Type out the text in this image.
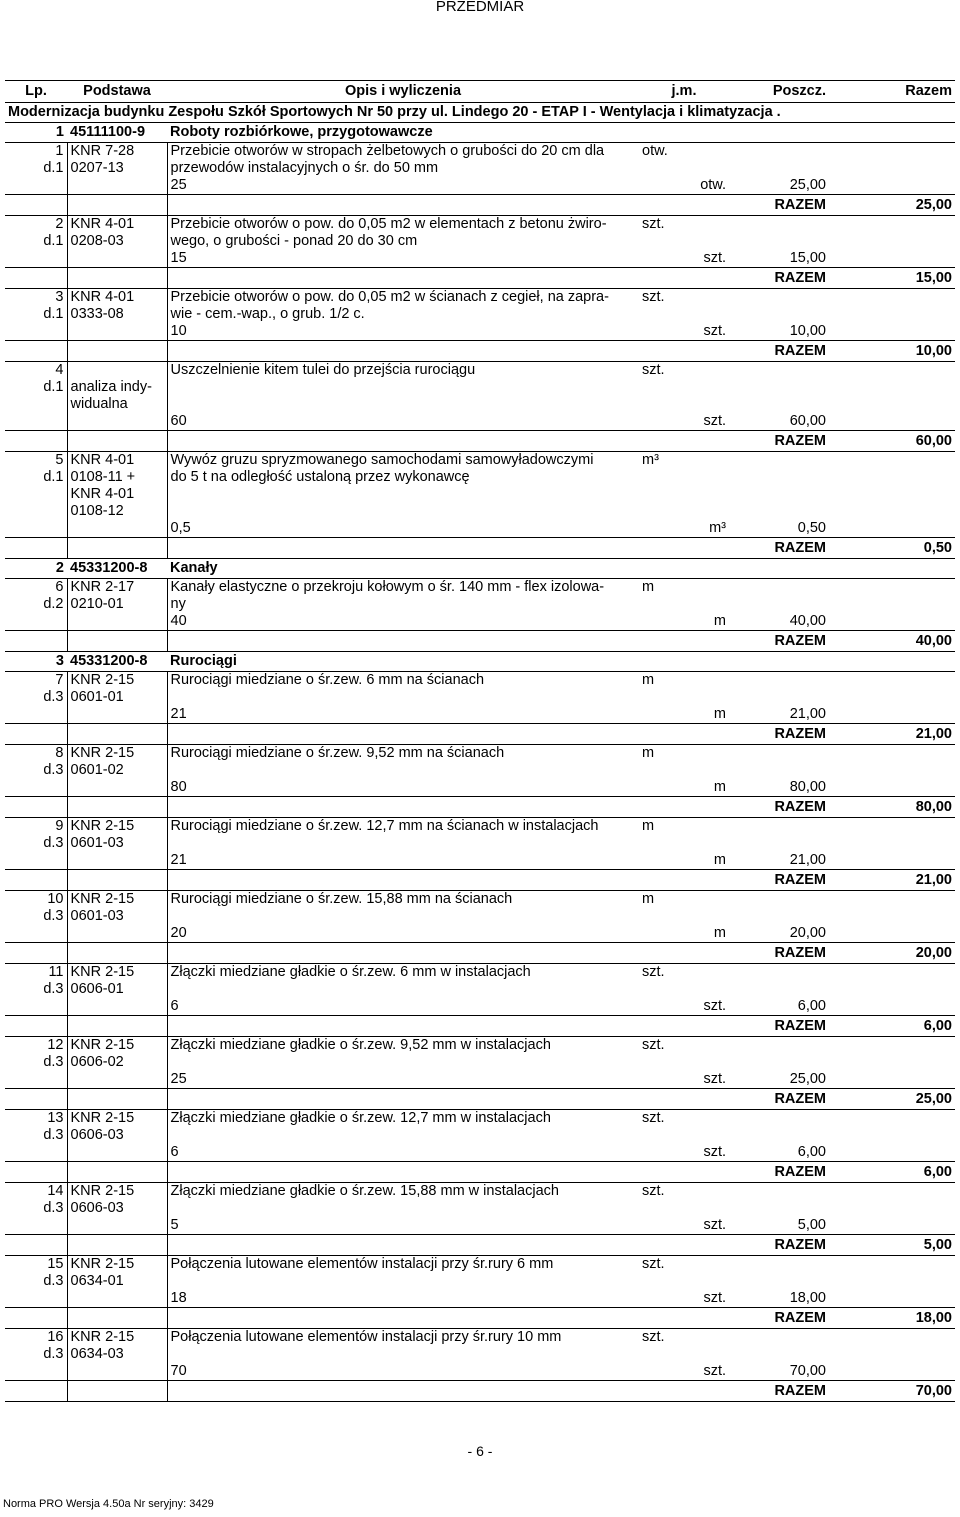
PRZEDMIAR
Lp.	Podstawa	Opis i wyliczenia	j.m.	Poszcz.	Razem
Modernizacja budynku Zespołu Szkół Sportowych Nr 50 przy ul. Lindego 20 - ETAP I - Wentylacja i klimatyzacja .					
1	45111100-9	Roboty rozbiórkowe, przygotowawcze			
1	KNR 7-28	Przebicie otworów w stropach żelbetowych o grubości do 20 cm dla	otw.		
d.1	0207-13	przewodów instalacyjnych o śr. do 50 mm			
		25	otw.	25,00	
				RAZEM	25,00
2	KNR 4-01	Przebicie otworów o pow. do 0,05 m2 w elementach z betonu żwiro-	szt.		
d.1	0208-03	wego, o grubości - ponad 20 do 30 cm			
		15	szt.	15,00	
				RAZEM	15,00
3	KNR 4-01	Przebicie otworów o pow. do 0,05 m2 w ścianach z cegieł, na zapra-	szt.		
d.1	0333-08	wie - cem.-wap., o grub. 1/2 c.			
		10	szt.	10,00	
				RAZEM	10,00
4		Uszczelnienie kitem tulei do przejścia rurociągu	szt.		
d.1	analiza indy-				
	widualna				
		60	szt.	60,00	
				RAZEM	60,00
5	KNR 4-01	Wywóz gruzu spryzmowanego samochodami samowyładowczymi	m³		
d.1	0108-11 +	do 5 t na odległość ustaloną przez wykonawcę			
	KNR 4-01				
	0108-12				
		0,5	m³	0,50	
				RAZEM	0,50
2	45331200-8	Kanały			
6	KNR 2-17	Kanały elastyczne o przekroju kołowym o śr. 140 mm - flex izolowa-	m		
d.2	0210-01	ny			
		40	m	40,00	
				RAZEM	40,00
3	45331200-8	Rurociągi			
7	KNR 2-15	Rurociągi miedziane o śr.zew. 6 mm na ścianach	m		
d.3	0601-01				
		21	m	21,00	
				RAZEM	21,00
8	KNR 2-15	Rurociągi miedziane o śr.zew. 9,52 mm na ścianach	m		
d.3	0601-02				
		80	m	80,00	
				RAZEM	80,00
9	KNR 2-15	Rurociągi miedziane o śr.zew. 12,7 mm na ścianach w instalacjach	m		
d.3	0601-03				
		21	m	21,00	
				RAZEM	21,00
10	KNR 2-15	Rurociągi miedziane o śr.zew. 15,88 mm na ścianach	m		
d.3	0601-03				
		20	m	20,00	
				RAZEM	20,00
11	KNR 2-15	Złączki miedziane gładkie o śr.zew. 6 mm w instalacjach	szt.		
d.3	0606-01				
		6	szt.	6,00	
				RAZEM	6,00
12	KNR 2-15	Złączki miedziane gładkie o śr.zew. 9,52 mm w instalacjach	szt.		
d.3	0606-02				
		25	szt.	25,00	
				RAZEM	25,00
13	KNR 2-15	Złączki miedziane gładkie o śr.zew. 12,7 mm w instalacjach	szt.		
d.3	0606-03				
		6	szt.	6,00	
				RAZEM	6,00
14	KNR 2-15	Złączki miedziane gładkie o śr.zew. 15,88 mm w instalacjach	szt.		
d.3	0606-03				
		5	szt.	5,00	
				RAZEM	5,00
15	KNR 2-15	Połączenia lutowane elementów instalacji przy śr.rury 6 mm	szt.		
d.3	0634-01				
		18	szt.	18,00	
				RAZEM	18,00
16	KNR 2-15	Połączenia lutowane elementów instalacji przy śr.rury 10 mm	szt.		
d.3	0634-03				
		70	szt.	70,00	
				RAZEM	70,00
- 6 -
Norma PRO Wersja 4.50a Nr seryjny: 3429
